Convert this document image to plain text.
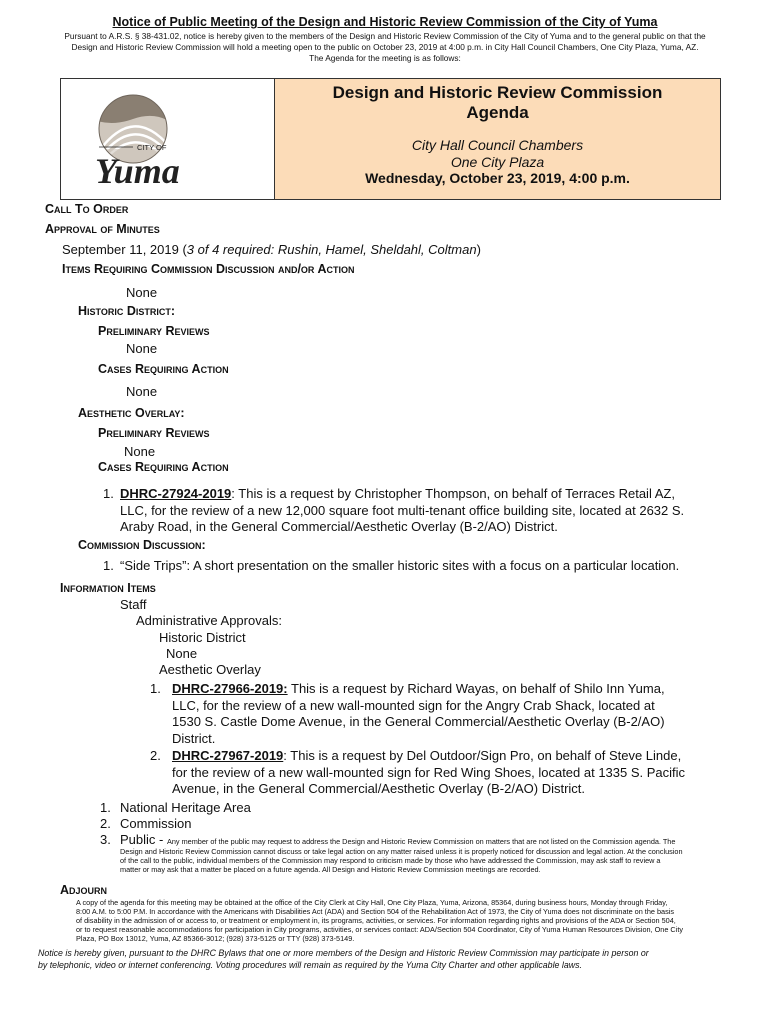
Notice of Public Meeting of the Design and Historic Review Commission of the City of Yuma
Pursuant to A.R.S. § 38-431.02, notice is hereby given to the members of the Design and Historic Review Commission of the City of Yuma and to the general public on that the
Design and Historic Review Commission will hold a meeting open to the public on October 23, 2019 at 4:00 p.m. in City Hall Council Chambers, One City Plaza, Yuma, AZ.
The Agenda for the meeting is as follows:
CITY OF
Yuma
Design and Historic Review Commission
Agenda
City Hall Council Chambers
One City Plaza
Wednesday, October 23, 2019, 4:00 p.m.
Call To Order
Approval of Minutes
September 11, 2019 (3 of 4 required: Rushin, Hamel, Sheldahl, Coltman)
Items Requiring Commission Discussion and/or Action
None
Historic District:
Preliminary Reviews
None
Cases Requiring Action
None
Aesthetic Overlay:
Preliminary Reviews
None
Cases Requiring Action
1. DHRC-27924-2019: This is a request by Christopher Thompson, on behalf of Terraces Retail AZ,
LLC, for the review of a new 12,000 square foot multi-tenant office building site, located at 2632 S.
Araby Road, in the General Commercial/Aesthetic Overlay (B-2/AO) District.
Commission Discussion:
1. “Side Trips”: A short presentation on the smaller historic sites with a focus on a particular location.
Information Items
Staff
Administrative Approvals:
Historic District
None
Aesthetic Overlay
1. DHRC-27966-2019: This is a request by Richard Wayas, on behalf of Shilo Inn Yuma,
LLC, for the review of a new wall-mounted sign for the Angry Crab Shack, located at
1530 S. Castle Dome Avenue, in the General Commercial/Aesthetic Overlay (B-2/AO)
District.
2. DHRC-27967-2019: This is a request by Del Outdoor/Sign Pro, on behalf of Steve Linde,
for the review of a new wall-mounted sign for Red Wing Shoes, located at 1335 S. Pacific
Avenue, in the General Commercial/Aesthetic Overlay (B-2/AO) District.
1. National Heritage Area
2. Commission
3. Public - Any member of the public may request to address the Design and Historic Review Commission on matters that are not listed on the Commission agenda. The
Design and Historic Review Commission cannot discuss or take legal action on any matter raised unless it is properly noticed for discussion and legal action. At the conclusion
of the call to the public, individual members of the Commission may respond to criticism made by those who have addressed the Commission, may ask staff to review a
matter or may ask that a matter be placed on a future agenda. All Design and Historic Review Commission meetings are recorded.
Adjourn
A copy of the agenda for this meeting may be obtained at the office of the City Clerk at City Hall, One City Plaza, Yuma, Arizona, 85364, during business hours, Monday through Friday,
8:00 A.M. to 5:00 P.M. In accordance with the Americans with Disabilities Act (ADA) and Section 504 of the Rehabilitation Act of 1973, the City of Yuma does not discriminate on the basis
of disability in the admission of or access to, or treatment or employment in, its programs, activities, or services. For information regarding rights and provisions of the ADA or Section 504,
or to request reasonable accommodations for participation in City programs, activities, or services contact: ADA/Section 504 Coordinator, City of Yuma Human Resources Division, One City
Plaza, PO Box 13012, Yuma, AZ 85366-3012; (928) 373-5125 or TTY (928) 373-5149.
Notice is hereby given, pursuant to the DHRC Bylaws that one or more members of the Design and Historic Review Commission may participate in person or
by telephonic, video or internet conferencing. Voting procedures will remain as required by the Yuma City Charter and other applicable laws.
